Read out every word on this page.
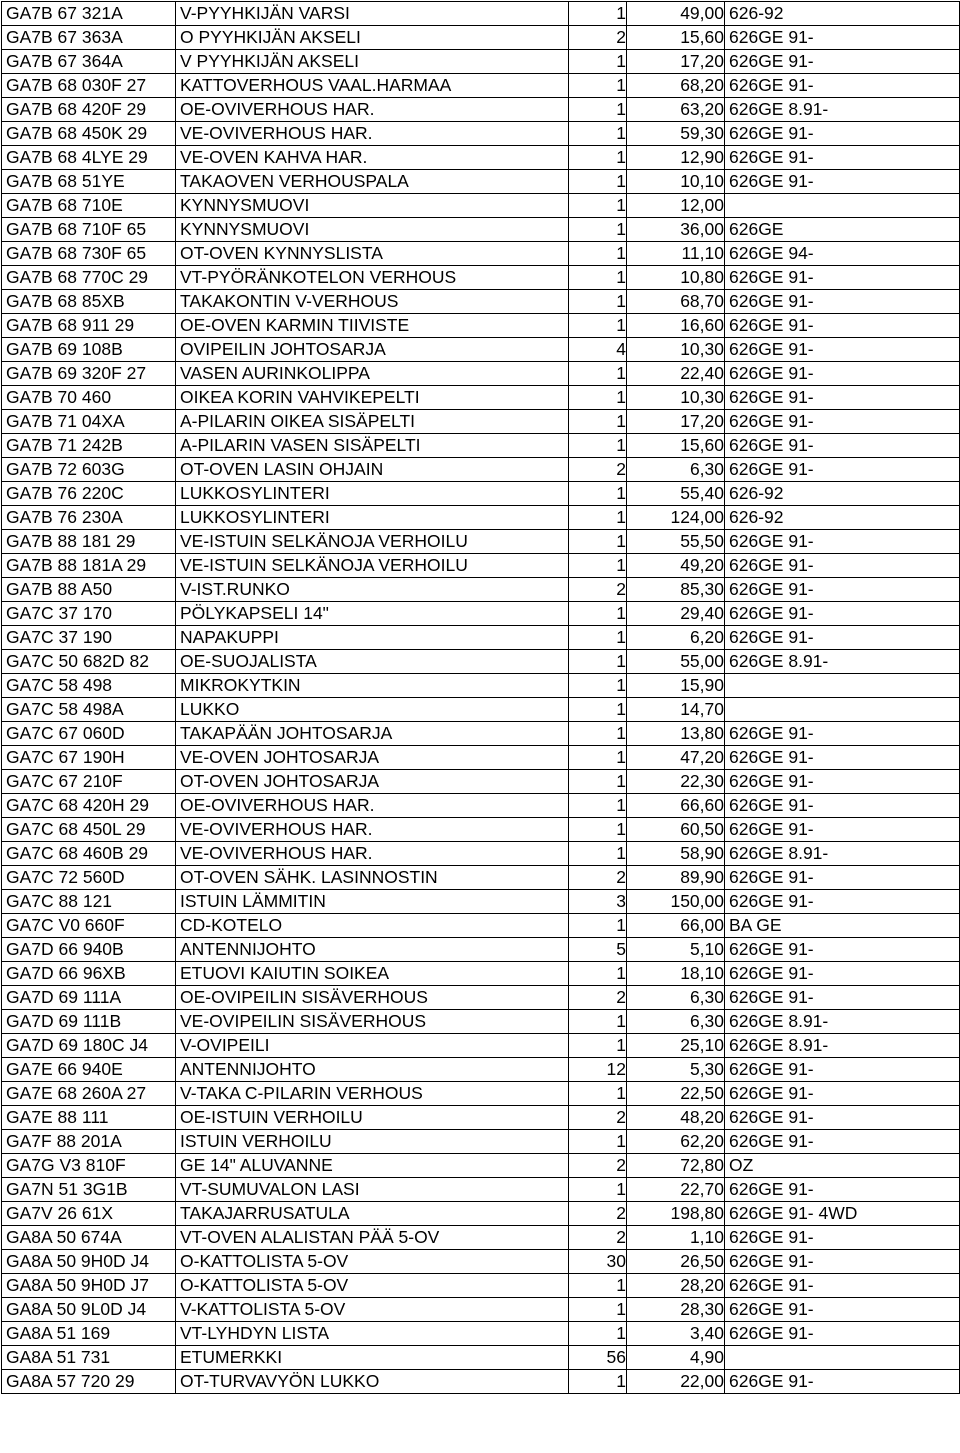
GA7B 67 321A	V-PYYHKIJÄN VARSI	1	49,00	626-92
GA7B 67 363A	O PYYHKIJÄN AKSELI	2	15,60	626GE 91-
GA7B 67 364A	V PYYHKIJÄN AKSELI	1	17,20	626GE 91-
GA7B 68 030F 27	KATTOVERHOUS VAAL.HARMAA	1	68,20	626GE 91-
GA7B 68 420F 29	OE-OVIVERHOUS HAR.	1	63,20	626GE 8.91-
GA7B 68 450K 29	VE-OVIVERHOUS HAR.	1	59,30	626GE 91-
GA7B 68 4LYE 29	VE-OVEN KAHVA HAR.	1	12,90	626GE 91-
GA7B 68 51YE	TAKAOVEN VERHOUSPALA	1	10,10	626GE 91-
GA7B 68 710E	KYNNYSMUOVI	1	12,00	
GA7B 68 710F 65	KYNNYSMUOVI	1	36,00	626GE
GA7B 68 730F 65	OT-OVEN KYNNYSLISTA	1	11,10	626GE 94-
GA7B 68 770C 29	VT-PYÖRÄNKOTELON VERHOUS	1	10,80	626GE 91-
GA7B 68 85XB	TAKAKONTIN V-VERHOUS	1	68,70	626GE 91-
GA7B 68 911 29	OE-OVEN KARMIN TIIVISTE	1	16,60	626GE 91-
GA7B 69 108B	OVIPEILIN JOHTOSARJA	4	10,30	626GE 91-
GA7B 69 320F 27	VASEN AURINKOLIPPA	1	22,40	626GE 91-
GA7B 70 460	OIKEA KORIN VAHVIKEPELTI	1	10,30	626GE 91-
GA7B 71 04XA	A-PILARIN OIKEA SISÄPELTI	1	17,20	626GE 91-
GA7B 71 242B	A-PILARIN VASEN SISÄPELTI	1	15,60	626GE 91-
GA7B 72 603G	OT-OVEN LASIN OHJAIN	2	6,30	626GE 91-
GA7B 76 220C	LUKKOSYLINTERI	1	55,40	626-92
GA7B 76 230A	LUKKOSYLINTERI	1	124,00	626-92
GA7B 88 181 29	VE-ISTUIN SELKÄNOJA VERHOILU	1	55,50	626GE 91-
GA7B 88 181A 29	VE-ISTUIN SELKÄNOJA VERHOILU	1	49,20	626GE 91-
GA7B 88 A50	V-IST.RUNKO	2	85,30	626GE 91-
GA7C 37 170	PÖLYKAPSELI 14"	1	29,40	626GE 91-
GA7C 37 190	NAPAKUPPI	1	6,20	626GE 91-
GA7C 50 682D 82	OE-SUOJALISTA	1	55,00	626GE 8.91-
GA7C 58 498	MIKROKYTKIN	1	15,90	
GA7C 58 498A	LUKKO	1	14,70	
GA7C 67 060D	TAKAPÄÄN JOHTOSARJA	1	13,80	626GE 91-
GA7C 67 190H	VE-OVEN JOHTOSARJA	1	47,20	626GE 91-
GA7C 67 210F	OT-OVEN JOHTOSARJA	1	22,30	626GE 91-
GA7C 68 420H 29	OE-OVIVERHOUS HAR.	1	66,60	626GE 91-
GA7C 68 450L 29	VE-OVIVERHOUS HAR.	1	60,50	626GE 91-
GA7C 68 460B 29	VE-OVIVERHOUS HAR.	1	58,90	626GE 8.91-
GA7C 72 560D	OT-OVEN SÄHK. LASINNOSTIN	2	89,90	626GE 91-
GA7C 88 121	ISTUIN LÄMMITIN	3	150,00	626GE 91-
GA7C V0 660F	CD-KOTELO	1	66,00	BA GE
GA7D 66 940B	ANTENNIJOHTO	5	5,10	626GE 91-
GA7D 66 96XB	ETUOVI KAIUTIN SOIKEA	1	18,10	626GE 91-
GA7D 69 111A	OE-OVIPEILIN SISÄVERHOUS	2	6,30	626GE 91-
GA7D 69 111B	VE-OVIPEILIN SISÄVERHOUS	1	6,30	626GE 8.91-
GA7D 69 180C J4	V-OVIPEILI	1	25,10	626GE 8.91-
GA7E 66 940E	ANTENNIJOHTO	12	5,30	626GE 91-
GA7E 68 260A 27	V-TAKA C-PILARIN VERHOUS	1	22,50	626GE 91-
GA7E 88 111	OE-ISTUIN VERHOILU	2	48,20	626GE 91-
GA7F 88 201A	ISTUIN VERHOILU	1	62,20	626GE 91-
GA7G V3 810F	GE 14" ALUVANNE	2	72,80	OZ
GA7N 51 3G1B	VT-SUMUVALON LASI	1	22,70	626GE 91-
GA7V 26 61X	TAKAJARRUSATULA	2	198,80	626GE 91- 4WD
GA8A 50 674A	VT-OVEN ALALISTAN PÄÄ 5-OV	2	1,10	626GE 91-
GA8A 50 9H0D J4	O-KATTOLISTA 5-OV	30	26,50	626GE 91-
GA8A 50 9H0D J7	O-KATTOLISTA 5-OV	1	28,20	626GE 91-
GA8A 50 9L0D J4	V-KATTOLISTA 5-OV	1	28,30	626GE 91-
GA8A 51 169	VT-LYHDYN LISTA	1	3,40	626GE 91-
GA8A 51 731	ETUMERKKI	56	4,90	
GA8A 57 720 29	OT-TURVAVYÖN LUKKO	1	22,00	626GE 91-
